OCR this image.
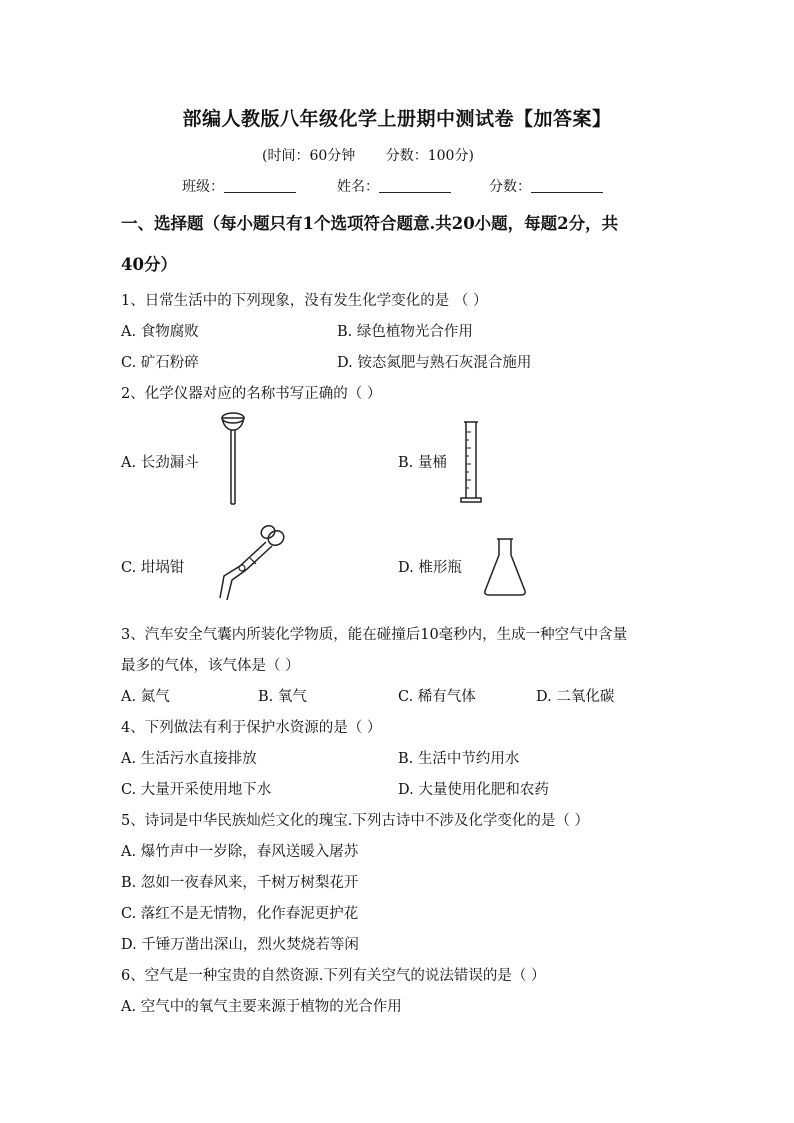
部编人教版八年级化学上册期中测试卷【加答案】
(时间：60分钟 分数：100分)
班级：	姓名：	分数：
一、选择题（每小题只有1个选项符合题意.共20小题，每题2分，共
40分）
1、日常生活中的下列现象，没有发生化学变化的是 （ ）
A. 食物腐败	B. 绿色植物光合作用
C. 矿石粉碎	D. 铵态氮肥与熟石灰混合施用
2、化学仪器对应的名称书写正确的（ ）
A. 长劲漏斗	B. 量桶
C. 坩埚钳	D. 椎形瓶
3、汽车安全气囊内所装化学物质，能在碰撞后10毫秒内，生成一种空气中含量
最多的气体，该气体是（ ）
A. 氮气	B. 氧气	C. 稀有气体	D. 二氧化碳
4、下列做法有利于保护水资源的是（ ）
A. 生活污水直接排放	B. 生活中节约用水
C. 大量开采使用地下水	D. 大量使用化肥和农药
5、诗词是中华民族灿烂文化的瑰宝.下列古诗中不涉及化学变化的是（ ）
A. 爆竹声中一岁除，春风送暖入屠苏
B. 忽如一夜春风来，千树万树梨花开
C. 落红不是无情物，化作春泥更护花
D. 千锤万凿出深山，烈火焚烧若等闲
6、空气是一种宝贵的自然资源.下列有关空气的说法错误的是（ ）
A. 空气中的氧气主要来源于植物的光合作用
